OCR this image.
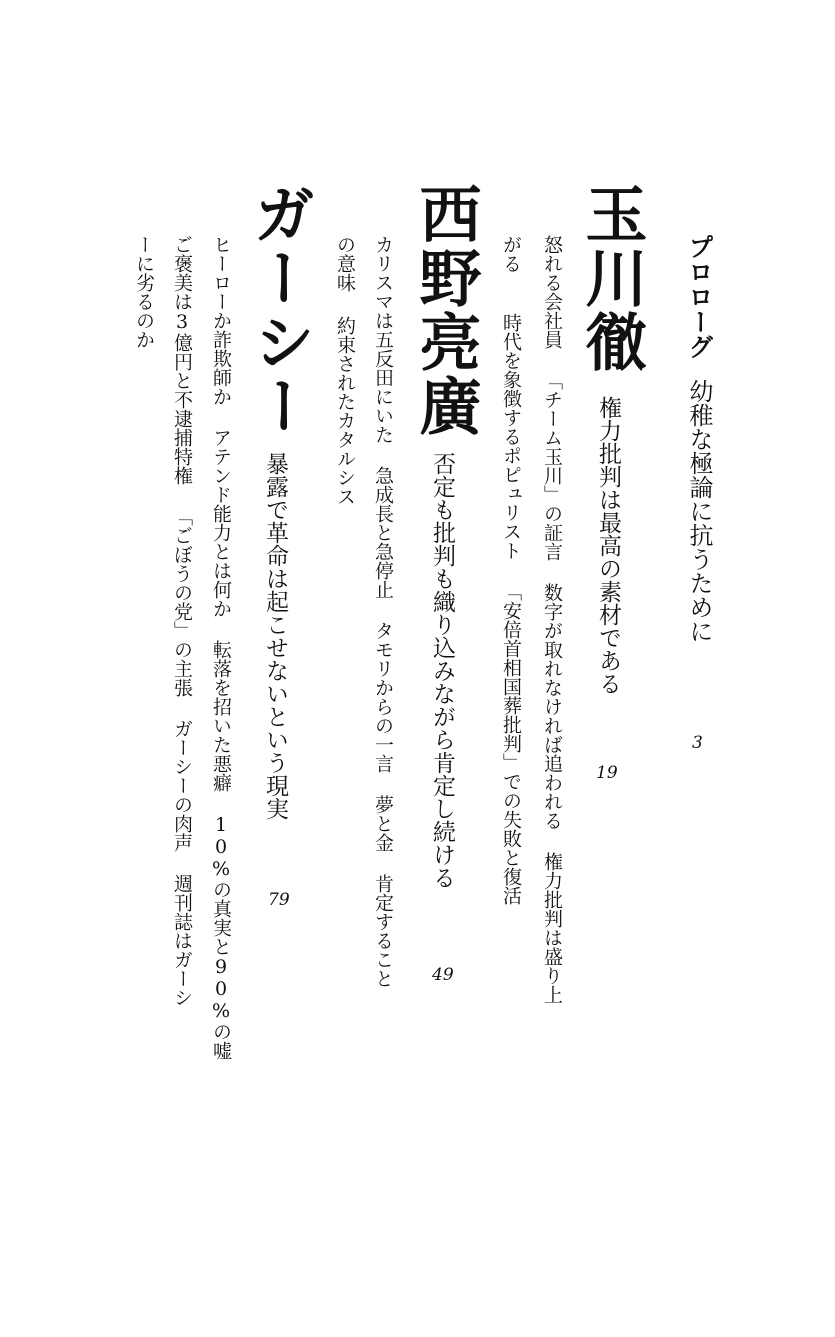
プロローグ幼稚な極論に抗うために
3
玉川徹
権力批判は最高の素材である
19
怒れる会社員「チーム玉川」の証言数字が取れなければ追われる権力批判は盛り上
がる時代を象徴するポピュリスト「安倍首相国葬批判」での失敗と復活
西野亮廣
否定も批判も織り込みながら肯定し続ける
49
カリスマは五反田にいた急成長と急停止タモリからの一言夢と金肯定すること
の意味約束されたカタルシス
ガーシー
暴露で革命は起こせないという現実
79
ヒーローか詐欺師かアテンド能力とは何か転落を招いた悪癖10%の真実と90%の嘘
ご褒美は3億円と不逮捕特権「ごぼうの党」の主張ガーシーの肉声週刊誌はガーシ
ーに劣るのか
